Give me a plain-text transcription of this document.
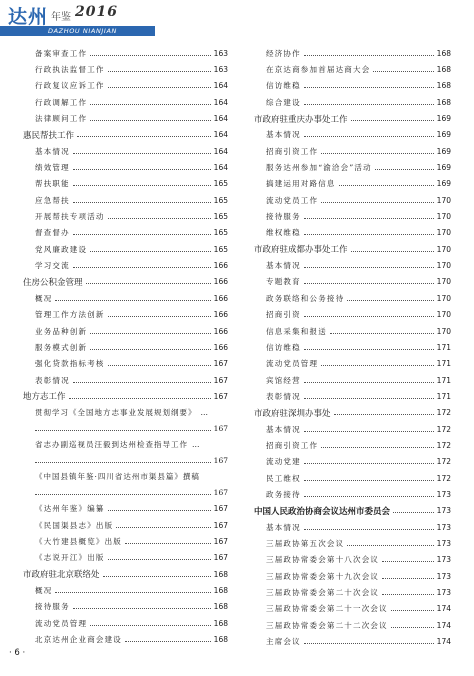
达州 年鉴 2016
DAZHOU NIANJIAN
备案审查工作	163
行政执法监督工作	163
行政复议应诉工作	164
行政调解工作	164
法律顾问工作	164
惠民帮扶工作	164
基本情况	164
绩效管理	164
帮扶职能	165
应急帮扶	165
开展帮扶专项活动	165
督查督办	165
党风廉政建设	165
学习交流	166
住房公积金管理	166
概况	166
管理工作方法创新	166
业务品种创新	166
服务模式创新	166
强化贷款指标考核	167
表彰情况	167
地方志工作	167
贯彻学习《全国地方志事业发展规划纲要》 …
167
省志办副巡视员汪毅到达州检查指导工作 …
167
《中国县镇年鉴·四川省达州市渠县篇》撰稿
167
《达州年鉴》编纂	167
《民国渠县志》出版	167
《大竹建县概览》出版	167
《志说开江》出版	167
市政府驻北京联络处	168
概况	168
接待服务	168
流动党员管理	168
北京达州企业商会建设	168
经济协作	168
在京达商参加首届达商大会	168
信访维稳	168
综合建设	168
市政府驻重庆办事处工作	169
基本情况	169
招商引资工作	169
服务达州参加“渝洽会”活动	169
搞建运用对路信息	169
流动党员工作	170
接待服务	170
维权维稳	170
市政府驻成都办事处工作	170
基本情况	170
专题教育	170
政务联络和公务接待	170
招商引资	170
信息采集和报送	170
信访维稳	171
流动党员管理	171
宾馆经营	171
表彰情况	171
市政府驻深圳办事处	172
基本情况	172
招商引资工作	172
流动党建	172
民工维权	172
政务接待	173
中国人民政治协商会议达州市委员会	173
基本情况	173
三届政协第五次会议	173
三届政协常委会第十八次会议	173
三届政协常委会第十九次会议	173
三届政协常委会第二十次会议	173
三届政协常委会第二十一次会议	174
三届政协常委会第二十二次会议	174
主席会议	174
· 6 ·
